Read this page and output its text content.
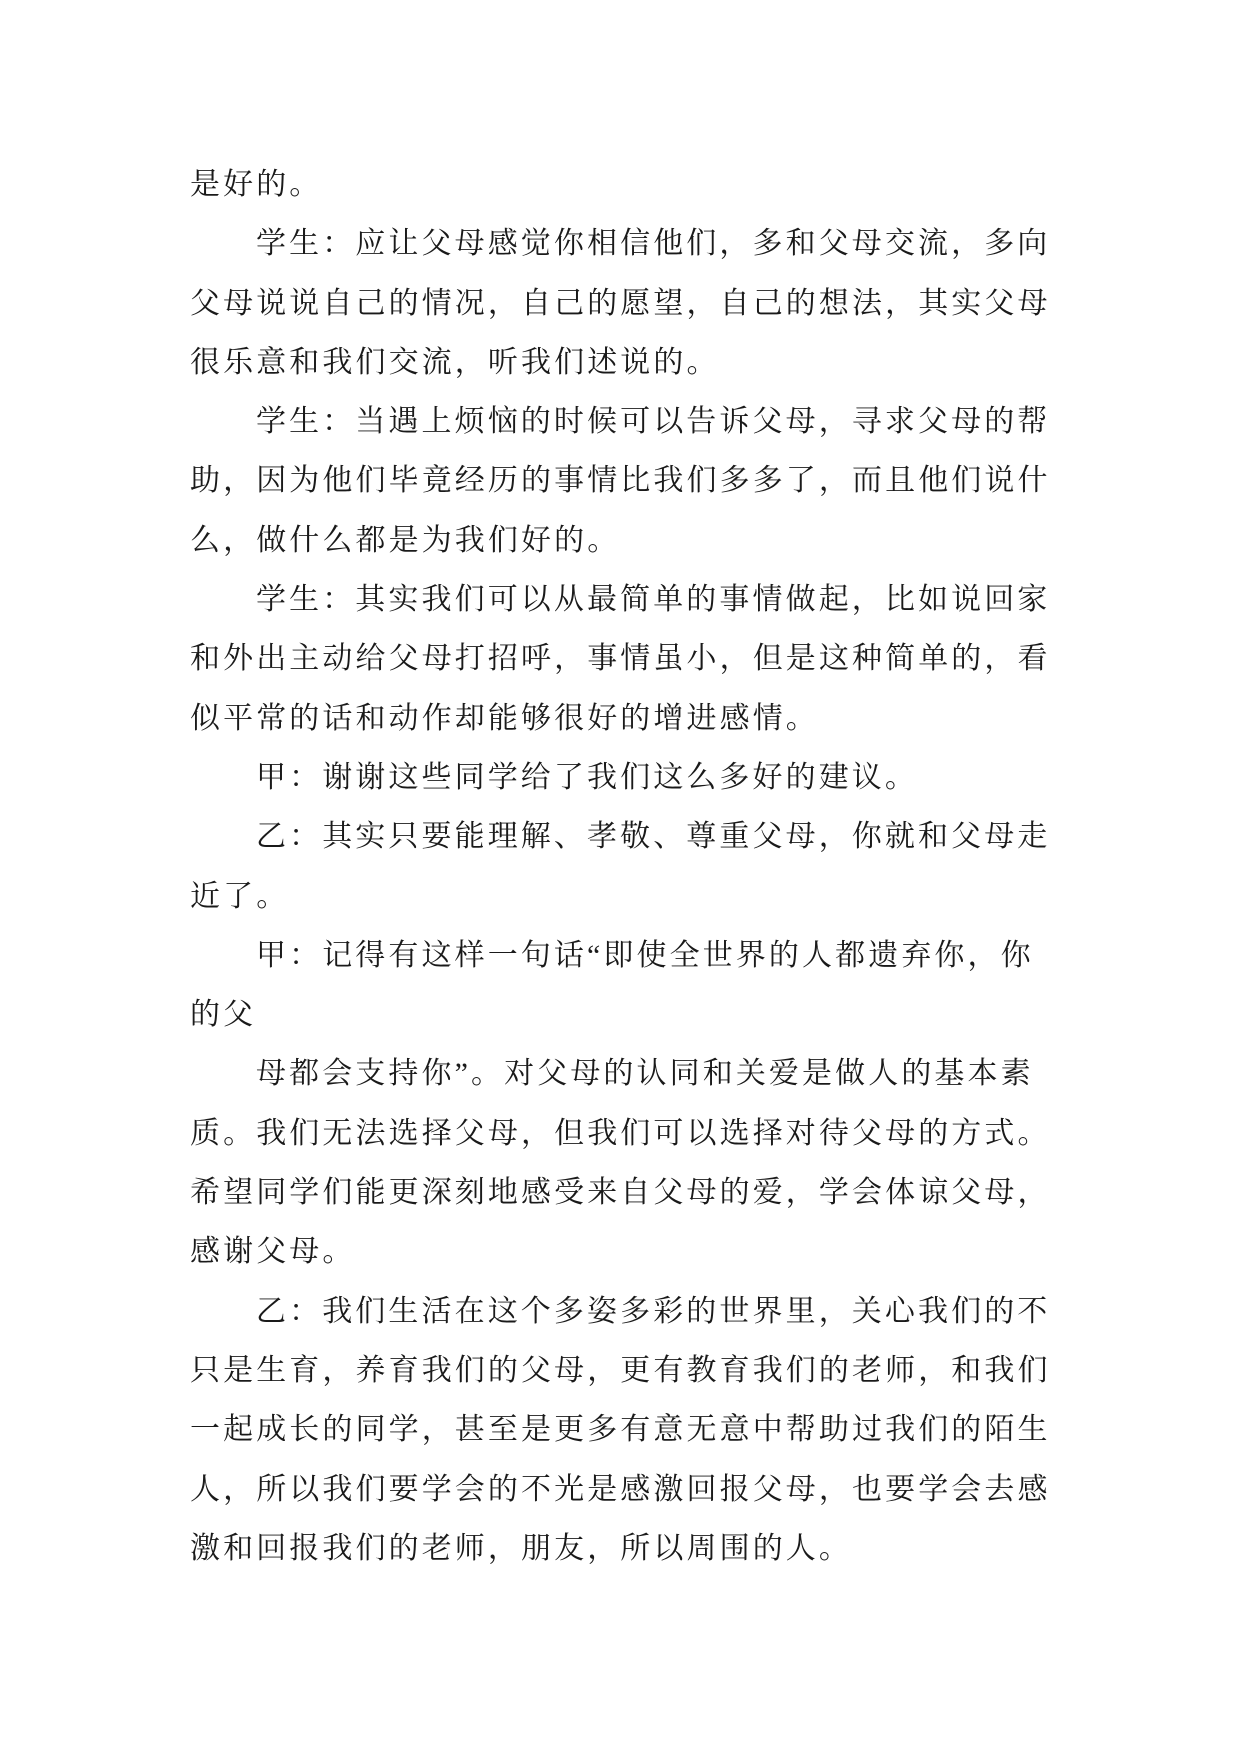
是好的。
学生：应让父母感觉你相信他们，多和父母交流，多向
父母说说自己的情况，自己的愿望，自己的想法，其实父母
很乐意和我们交流，听我们述说的。
学生：当遇上烦恼的时候可以告诉父母，寻求父母的帮
助，因为他们毕竟经历的事情比我们多多了，而且他们说什
么，做什么都是为我们好的。
学生：其实我们可以从最简单的事情做起，比如说回家
和外出主动给父母打招呼，事情虽小，但是这种简单的，看
似平常的话和动作却能够很好的增进感情。
甲：谢谢这些同学给了我们这么多好的建议。
乙：其实只要能理解、孝敬、尊重父母，你就和父母走
近了。
甲：记得有这样一句话“即使全世界的人都遗弃你，你
的父
母都会支持你”。对父母的认同和关爱是做人的基本素
质。我们无法选择父母，但我们可以选择对待父母的方式。
希望同学们能更深刻地感受来自父母的爱，学会体谅父母，
感谢父母。
乙：我们生活在这个多姿多彩的世界里，关心我们的不
只是生育，养育我们的父母，更有教育我们的老师，和我们
一起成长的同学，甚至是更多有意无意中帮助过我们的陌生
人，所以我们要学会的不光是感激回报父母，也要学会去感
激和回报我们的老师，朋友，所以周围的人。
